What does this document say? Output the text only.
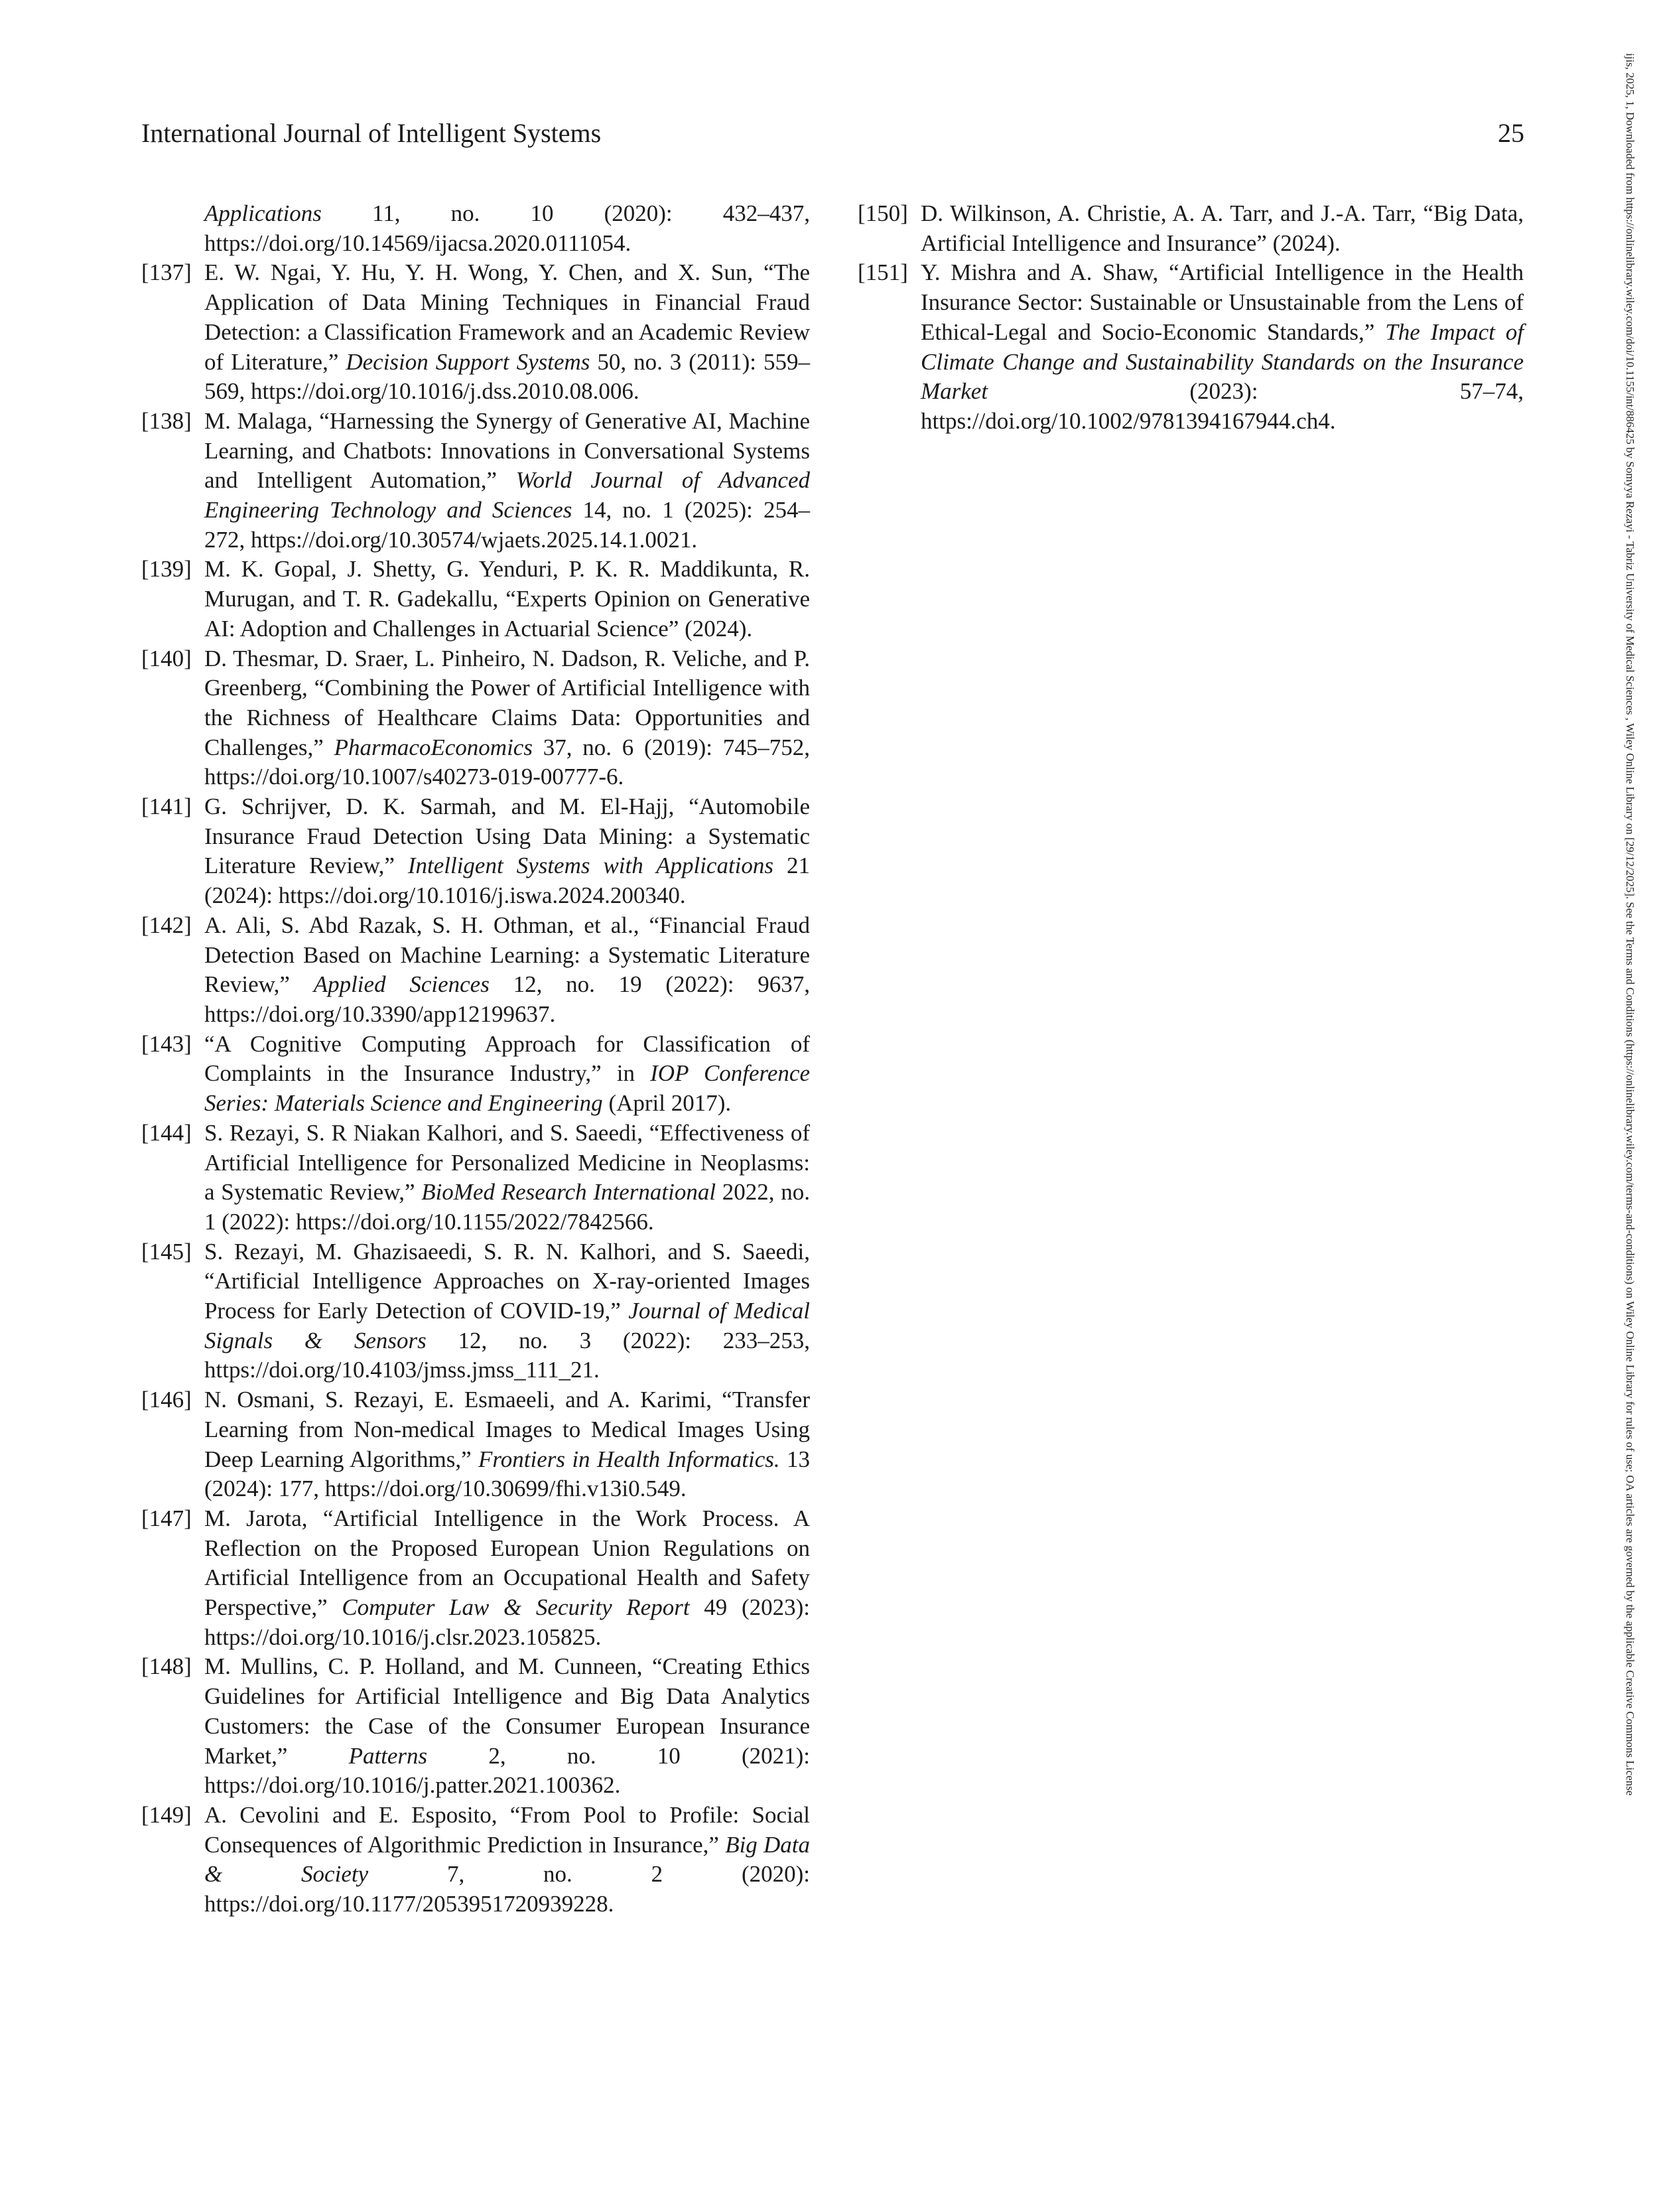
International Journal of Intelligent Systems	25

Applications 11, no. 10 (2020): 432–437, https://doi.org/10.14569/ijacsa.2020.0111054.

[137] E. W. Ngai, Y. Hu, Y. H. Wong, Y. Chen, and X. Sun, “The Application of Data Mining Techniques in Financial Fraud Detection: a Classification Framework and an Academic Review of Literature,” Decision Support Systems 50, no. 3 (2011): 559–569, https://doi.org/10.1016/j.dss.2010.08.006.

[138] M. Malaga, “Harnessing the Synergy of Generative AI, Machine Learning, and Chatbots: Innovations in Conversational Systems and Intelligent Automation,” World Journal of Advanced Engineering Technology and Sciences 14, no. 1 (2025): 254–272, https://doi.org/10.30574/wjaets.2025.14.1.0021.

[139] M. K. Gopal, J. Shetty, G. Yenduri, P. K. R. Maddikunta, R. Murugan, and T. R. Gadekallu, “Experts Opinion on Generative AI: Adoption and Challenges in Actuarial Science” (2024).

[140] D. Thesmar, D. Sraer, L. Pinheiro, N. Dadson, R. Veliche, and P. Greenberg, “Combining the Power of Artificial Intelligence with the Richness of Healthcare Claims Data: Opportunities and Challenges,” PharmacoEconomics 37, no. 6 (2019): 745–752, https://doi.org/10.1007/s40273-019-00777-6.

[141] G. Schrijver, D. K. Sarmah, and M. El-Hajj, “Automobile Insurance Fraud Detection Using Data Mining: a Systematic Literature Review,” Intelligent Systems with Applications 21 (2024): https://doi.org/10.1016/j.iswa.2024.200340.

[142] A. Ali, S. Abd Razak, S. H. Othman, et al., “Financial Fraud Detection Based on Machine Learning: a Systematic Literature Review,” Applied Sciences 12, no. 19 (2022): 9637, https://doi.org/10.3390/app12199637.

[143] “A Cognitive Computing Approach for Classification of Complaints in the Insurance Industry,” in IOP Conference Series: Materials Science and Engineering (April 2017).

[144] S. Rezayi, S. R Niakan Kalhori, and S. Saeedi, “Effectiveness of Artificial Intelligence for Personalized Medicine in Neoplasms: a Systematic Review,” BioMed Research International 2022, no. 1 (2022): https://doi.org/10.1155/2022/7842566.

[145] S. Rezayi, M. Ghazisaeedi, S. R. N. Kalhori, and S. Saeedi, “Artificial Intelligence Approaches on X-ray-oriented Images Process for Early Detection of COVID-19,” Journal of Medical Signals & Sensors 12, no. 3 (2022): 233–253, https://doi.org/10.4103/jmss.jmss_111_21.

[146] N. Osmani, S. Rezayi, E. Esmaeeli, and A. Karimi, “Transfer Learning from Non-medical Images to Medical Images Using Deep Learning Algorithms,” Frontiers in Health Informatics. 13 (2024): 177, https://doi.org/10.30699/fhi.v13i0.549.

[147] M. Jarota, “Artificial Intelligence in the Work Process. A Reflection on the Proposed European Union Regulations on Artificial Intelligence from an Occupational Health and Safety Perspective,” Computer Law & Security Report 49 (2023): https://doi.org/10.1016/j.clsr.2023.105825.

[148] M. Mullins, C. P. Holland, and M. Cunneen, “Creating Ethics Guidelines for Artificial Intelligence and Big Data Analytics Customers: the Case of the Consumer European Insurance Market,” Patterns 2, no. 10 (2021): https://doi.org/10.1016/j.patter.2021.100362.

[149] A. Cevolini and E. Esposito, “From Pool to Profile: Social Consequences of Algorithmic Prediction in Insurance,” Big Data & Society 7, no. 2 (2020): https://doi.org/10.1177/2053951720939228.

[150] D. Wilkinson, A. Christie, A. A. Tarr, and J.-A. Tarr, “Big Data, Artificial Intelligence and Insurance” (2024).

[151] Y. Mishra and A. Shaw, “Artificial Intelligence in the Health Insurance Sector: Sustainable or Unsustainable from the Lens of Ethical-Legal and Socio-Economic Standards,” The Impact of Climate Change and Sustainability Standards on the Insurance Market (2023): 57–74, https://doi.org/10.1002/9781394167944.ch4.	ijis, 2025, 1, Downloaded from https://onlinelibrary.wiley.com/doi/10.1155/int/886425 by Somyya Rezayi - Tabriz University of Medical Sciences , Wiley Online Library on [29/12/2025]. See the Terms and Conditions (https://onlinelibrary.wiley.com/terms-and-conditions) on Wiley Online Library for rules of use; OA articles are governed by the applicable Creative Commons License
